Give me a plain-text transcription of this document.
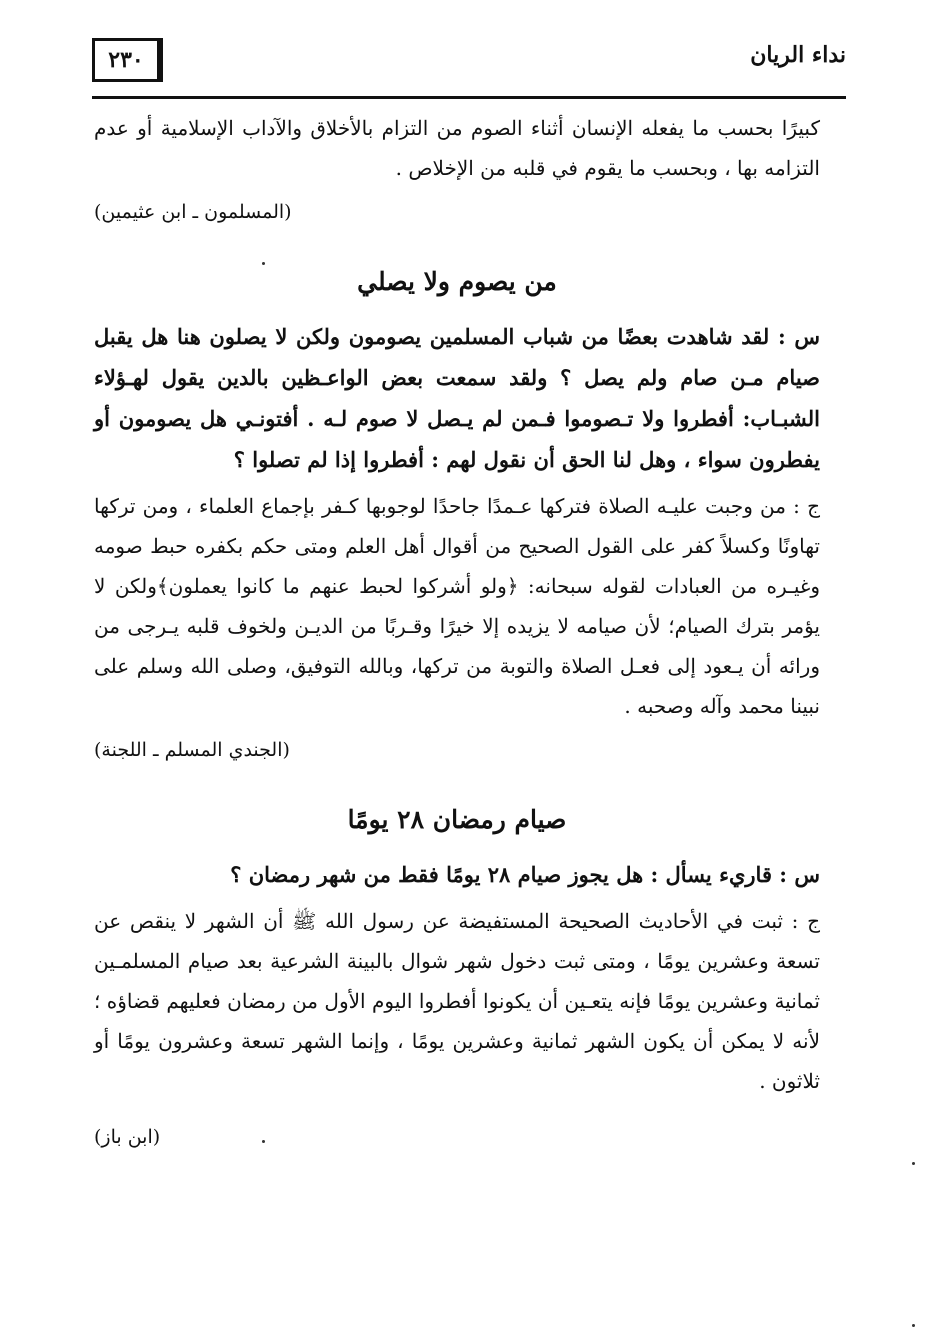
٢٣٠	نداء الريان

كبيرًا بحسب ما يفعله الإنسان أثناء الصوم من التزام بالأخلاق والآداب الإسلامية أو عدم التزامه بها ، وبحسب ما يقوم في قلبه من الإخلاص .

(المسلمون ـ ابن عثيمين)

من يصوم ولا يصلي

س : لقد شاهدت بعضًا من شباب المسلمين يصومون ولكن لا يصلون هنا هل يقبل صيام مـن صام ولم يصل ؟ ولقد سمعت بعض الواعـظين بالدين يقول لهـؤلاء الشبـاب: أفطروا ولا تـصوموا فـمن لم يـصل لا صوم لـه . أفتونـي هل يصومون أو يفطرون سواء ، وهل لنا الحق أن نقول لهم : أفطروا إذا لم تصلوا ؟

ج : من وجبت عليـه الصلاة فتركها عـمدًا جاحدًا لوجوبها كـفر بإجماع العلماء ، ومن تركها تهاونًا وكسلاً كفر على القول الصحيح من أقوال أهل العلم ومتى حكم بكفره حبط صومه وغيـره من العبادات لقوله سبحانه: ﴿ولو أشركوا لحبط عنهم ما كانوا يعملون﴾ولكن لا يؤمر بترك الصيام؛ لأن صيامه لا يزيده إلا خيرًا وقـربًا من الديـن ولخوف قلبه يـرجى من ورائه أن يـعود إلى فعـل الصلاة والتوبة من تركها، وبالله التوفيق، وصلى الله وسلم على نبينا محمد وآله وصحبه .

(الجندي المسلم ـ اللجنة)

صيام رمضان ٢٨ يومًا

س : قاريء يسأل : هل يجوز صيام ٢٨ يومًا فقط من شهر رمضان ؟

ج : ثبت في الأحاديث الصحيحة المستفيضة عن رسول الله ﷺ أن الشهر لا ينقص عن تسعة وعشرين يومًا ، ومتى ثبت دخول شهر شوال بالبينة الشرعية بعد صيام المسلمـين ثمانية وعشرين يومًا فإنه يتعـين أن يكونوا أفطروا اليوم الأول من رمضان فعليهم قضاؤه ؛ لأنه لا يمكن أن يكون الشهر ثمانية وعشرين يومًا ، وإنما الشهر تسعة وعشرون يومًا أو ثلاثون .

(ابن باز)
